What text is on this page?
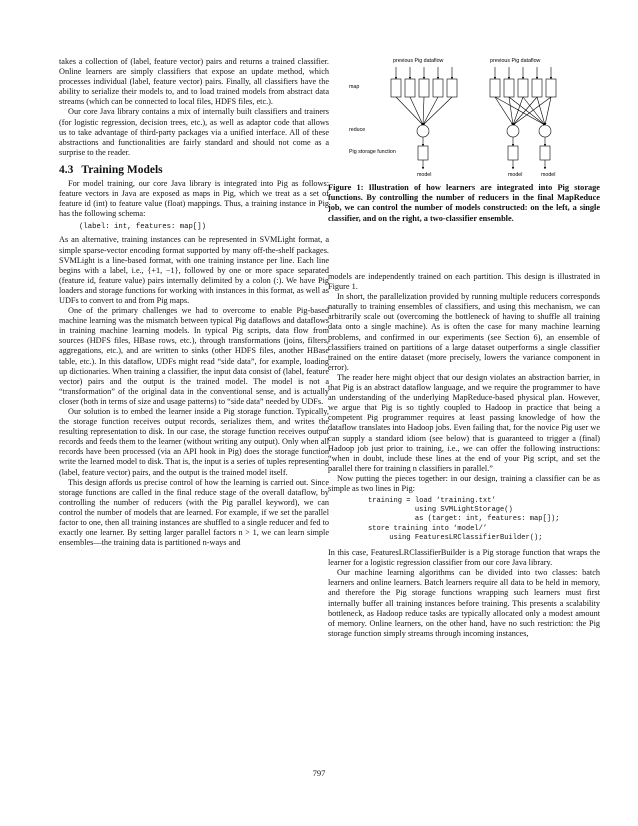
takes a collection of (label, feature vector) pairs and returns a trained classifier. Online learners are simply classifiers that expose an update method, which processes individual (label, feature vector) pairs. Finally, all classifiers have the ability to serialize their models to, and to load trained models from abstract data streams (which can be connected to local files, HDFS files, etc.).

Our core Java library contains a mix of internally built classifiers and trainers (for logistic regression, decision trees, etc.), as well as adaptor code that allows us to take advantage of third-party packages via a unified interface. All of these abstractions and functionalities are fairly standard and should not come as a surprise to the reader.

4.3 Training Models

For model training, our core Java library is integrated into Pig as follows: feature vectors in Java are exposed as maps in Pig, which we treat as a set of feature id (int) to feature value (float) mappings. Thus, a training instance in Pig has the following schema:

(label: int, features: map[])

As an alternative, training instances can be represented in SVMLight format, a simple sparse-vector encoding format supported by many off-the-shelf packages. SVMLight is a line-based format, with one training instance per line. Each line begins with a label, i.e., {+1, −1}, followed by one or more space separated (feature id, feature value) pairs internally delimited by a colon (:). We have Pig loaders and storage functions for working with instances in this format, as well as UDFs to convert to and from Pig maps.

One of the primary challenges we had to overcome to enable Pig-based machine learning was the mismatch between typical Pig dataflows and dataflows in training machine learning models. In typical Pig scripts, data flow from sources (HDFS files, HBase rows, etc.), through transformations (joins, filters, aggregations, etc.), and are written to sinks (other HDFS files, another HBase table, etc.). In this dataflow, UDFs might read “side data”, for example, loading up dictionaries. When training a classifier, the input data consist of (label, feature vector) pairs and the output is the trained model. The model is not a “transformation” of the original data in the conventional sense, and is actually closer (both in terms of size and usage patterns) to “side data” needed by UDFs.

Our solution is to embed the learner inside a Pig storage function. Typically, the storage function receives output records, serializes them, and writes the resulting representation to disk. In our case, the storage function receives output records and feeds them to the learner (without writing any output). Only when all records have been processed (via an API hook in Pig) does the storage function write the learned model to disk. That is, the input is a series of tuples representing (label, feature vector) pairs, and the output is the trained model itself.

This design affords us precise control of how the learning is carried out. Since storage functions are called in the final reduce stage of the overall dataflow, by controlling the number of reducers (with the Pig parallel keyword), we can control the number of models that are learned. For example, if we set the parallel factor to one, then all training instances are shuffled to a single reducer and fed to exactly one learner. By setting larger parallel factors n > 1, we can learn simple ensembles—the training data is partitioned n-ways and

previous Pig dataflow	previous Pig dataflow
map
reduce
Pig storage function
model	model	model
Figure 1: Illustration of how learners are integrated into Pig storage functions. By controlling the number of reducers in the final MapReduce job, we can control the number of models constructed: on the left, a single classifier, and on the right, a two-classifier ensemble.

models are independently trained on each partition. This design is illustrated in Figure 1.

In short, the parallelization provided by running multiple reducers corresponds naturally to training ensembles of classifiers, and using this mechanism, we can arbitrarily scale out (overcoming the bottleneck of having to shuffle all training data onto a single machine). As is often the case for many machine learning problems, and confirmed in our experiments (see Section 6), an ensemble of classifiers trained on partitions of a large dataset outperforms a single classifier trained on the entire dataset (more precisely, lowers the variance component in error).

The reader here might object that our design violates an abstraction barrier, in that Pig is an abstract dataflow language, and we require the programmer to have an understanding of the underlying MapReduce-based physical plan. However, we argue that Pig is so tightly coupled to Hadoop in practice that being a competent Pig programmer requires at least passing knowledge of how the dataflow translates into Hadoop jobs. Even failing that, for the novice Pig user we can supply a standard idiom (see below) that is guaranteed to trigger a (final) Hadoop job just prior to training, i.e., we can offer the following instructions: “when in doubt, include these lines at the end of your Pig script, and set the parallel there for training n classifiers in parallel.”

Now putting the pieces together: in our design, training a classifier can be as simple as two lines in Pig:

training = load ‘training.txt’
using SVMLightStorage()
as (target: int, features: map[]);
store training into ‘model/’
using FeaturesLRClassifierBuilder();

In this case, FeaturesLRClassifierBuilder is a Pig storage function that wraps the learner for a logistic regression classifier from our core Java library.

Our machine learning algorithms can be divided into two classes: batch learners and online learners. Batch learners require all data to be held in memory, and therefore the Pig storage functions wrapping such learners must first internally buffer all training instances before training. This presents a scalability bottleneck, as Hadoop reduce tasks are typically allocated only a modest amount of memory. Online learners, on the other hand, have no such restriction: the Pig storage function simply streams through incoming instances,

797
